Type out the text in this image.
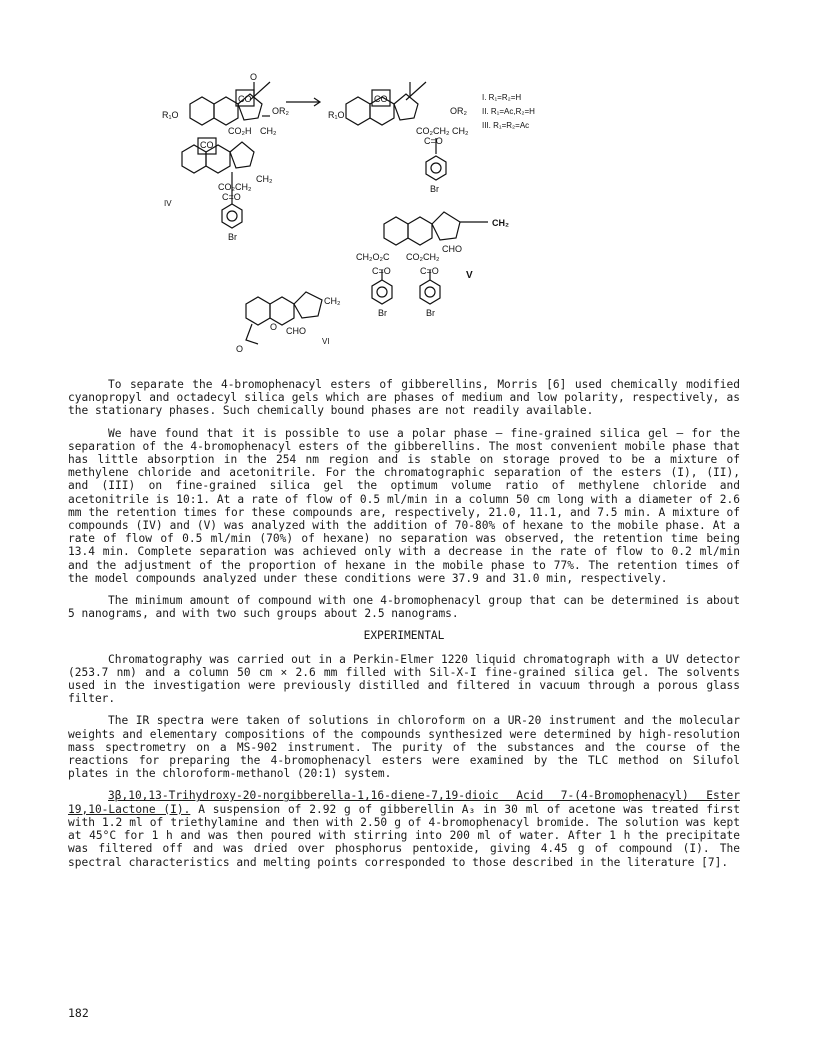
R₁O	OR₂
CO
O
CO₂H CH₂
R₁O	OR₂
CO
CO₂CH₂ CH₂
C=O
Br
I. R₁=R₂=H
II. R₁=Ac,R₂=H
III. R₁=R₂=Ac
CO
CO₂CH₂
CH₂
C=O
Br
IV
CH₂
CHO
CH₂O₂C CO₂CH₂
C=O	C=O
Br	Br
V
CH₂
CHO
O
O
VI

To separate the 4-bromophenacyl esters of gibberellins, Morris [6] used chemically modified cyanopropyl and octadecyl silica gels which are phases of medium and low polarity, respectively, as the stationary phases. Such chemically bound phases are not readily available.

We have found that it is possible to use a polar phase — fine-grained silica gel — for the separation of the 4-bromophenacyl esters of the gibberellins. The most convenient mobile phase that has little absorption in the 254 nm region and is stable on storage proved to be a mixture of methylene chloride and acetonitrile. For the chromatographic separation of the esters (I), (II), and (III) on fine-grained silica gel the optimum volume ratio of methylene chloride and acetonitrile is 10:1. At a rate of flow of 0.5 ml/min in a column 50 cm long with a diameter of 2.6 mm the retention times for these compounds are, respectively, 21.0, 11.1, and 7.5 min. A mixture of compounds (IV) and (V) was analyzed with the addition of 70-80% of hexane to the mobile phase. At a rate of flow of 0.5 ml/min (70%) of hexane) no separation was observed, the retention time being 13.4 min. Complete separation was achieved only with a decrease in the rate of flow to 0.2 ml/min and the adjustment of the proportion of hexane in the mobile phase to 77%. The retention times of the model compounds analyzed under these conditions were 37.9 and 31.0 min, respectively.

The minimum amount of compound with one 4-bromophenacyl group that can be determined is about 5 nanograms, and with two such groups about 2.5 nanograms.

EXPERIMENTAL

Chromatography was carried out in a Perkin-Elmer 1220 liquid chromatograph with a UV detector (253.7 nm) and a column 50 cm × 2.6 mm filled with Sil-X-I fine-grained silica gel. The solvents used in the investigation were previously distilled and filtered in vacuum through a porous glass filter.

The IR spectra were taken of solutions in chloroform on a UR-20 instrument and the molecular weights and elementary compositions of the compounds synthesized were determined by high-resolution mass spectrometry on a MS-902 instrument. The purity of the substances and the course of the reactions for preparing the 4-bromophenacyl esters were examined by the TLC method on Silufol plates in the chloroform-methanol (20:1) system.

3β,10,13-Trihydroxy-20-norgibberella-1,16-diene-7,19-dioic Acid 7-(4-Bromophenacyl) Ester 19,10-Lactone (I). A suspension of 2.92 g of gibberellin A₃ in 30 ml of acetone was treated first with 1.2 ml of triethylamine and then with 2.50 g of 4-bromophenacyl bromide. The solution was kept at 45°C for 1 h and was then poured with stirring into 200 ml of water. After 1 h the precipitate was filtered off and was dried over phosphorus pentoxide, giving 4.45 g of compound (I). The spectral characteristics and melting points corresponded to those described in the literature [7].

182
